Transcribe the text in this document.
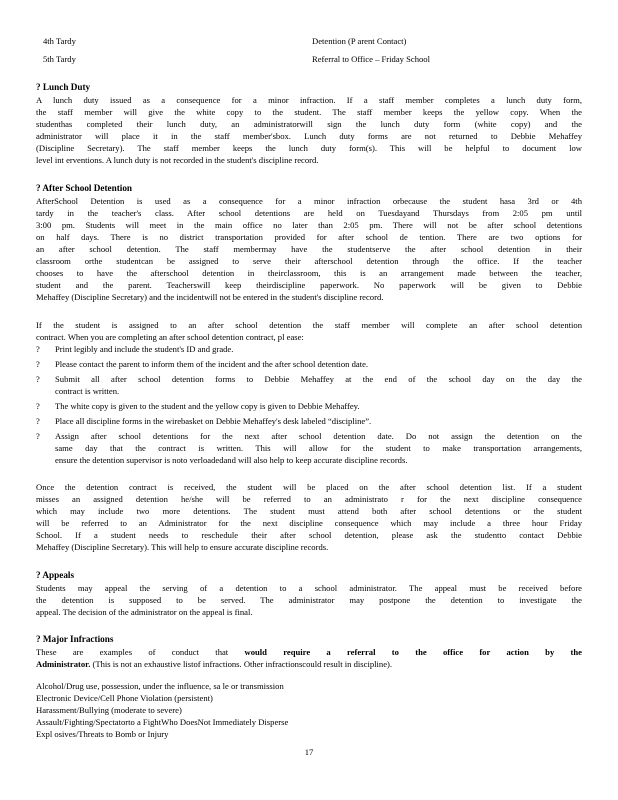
4th Tardy	Detention (P arent Contact)
5th Tardy	Referral to Office – Friday School
? Lunch Duty
A lunch duty issued as a consequence for a minor infraction. If a staff member completes a lunch duty form,
the staff member will give the white copy to the student. The staff member keeps the yellow copy. When the
studenthas completed their lunch duty, an administratorwill sign the lunch duty form (white copy) and the
administrator will place it in the staff member'sbox. Lunch duty forms are not returned to Debbie Mehaffey
(Discipline Secretary). The staff member keeps the lunch duty form(s). This will be helpful to document low
level int erventions. A lunch duty is not recorded in the student's discipline record.
? After School Detention
AfterSchool Detention is used as a consequence for a minor infraction orbecause the student hasa 3rd or 4th
tardy in the teacher's class. After school detentions are held on Tuesdayand Thursdays from 2:05 pm until
3:00 pm. Students will meet in the main office no later than 2:05 pm. There will not be after school detentions
on half days. There is no district transportation provided for after school de tention. There are two options for
an after school detention. The staff membermay have the studentserve the after school detention in their
classroom orthe studentcan be assigned to serve their afterschool detention through the office. If the teacher
chooses to have the afterschool detention in theirclassroom, this is an arrangement made between the teacher,
student and the parent. Teacherswill keep theirdiscipline paperwork. No paperwork will be given to Debbie
Mehaffey (Discipline Secretary) and the incidentwill not be entered in the student's discipline record.
If the student is assigned to an after school detention the staff member will complete an after school detention
contract. When you are completing an after school detention contract, pl ease:
? Print legibly and include the student's ID and grade.
? Please contact the parent to inform them of the incident and the after school detention date.
? Submit all after school detention forms to Debbie Mehaffey at the end of the school day on the day the
contract is written.
? The white copy is given to the student and the yellow copy is given to Debbie Mehaffey.
? Place all discipline forms in the wirebasket on Debbie Mehaffey's desk labeled “discipline”.
? Assign after school detentions for the next after school detention date. Do not assign the detention on the
same day that the contract is written. This will allow for the student to make transportation arrangements,
ensure the detention supervisor is noto verloadedand will also help to keep accurate discipline records.
Once the detention contract is received, the student will be placed on the after school detention list. If a student
misses an assigned detention he/she will be referred to an administrato r for the next discipline consequence
which may include two more detentions. The student must attend both after school detentions or the student
will be referred to an Administrator for the next discipline consequence which may include a three hour Friday
School. If a student needs to reschedule their after school detention, please ask the studentto contact Debbie
Mehaffey (Discipline Secretary). This will help to ensure accurate discipline records.
? Appeals
Students may appeal the serving of a detention to a school administrator. The appeal must be received before
the detention is supposed to be served. The administrator may postpone the detention to investigate the
appeal. The decision of the administrator on the appeal is final.
? Major Infractions
These are examples of conduct that would require a referral to the office for action by the
Administrator. (This is not an exhaustive listof infractions. Other infractionscould result in discipline).
Alcohol/Drug use, possession, under the influence, sa le or transmission
Electronic Device/Cell Phone Violation (persistent)
Harassment/Bullying (moderate to severe)
Assault/Fighting/Spectatorto a FightWho DoesNot Immediately Disperse
Expl osives/Threats to Bomb or Injury
17
